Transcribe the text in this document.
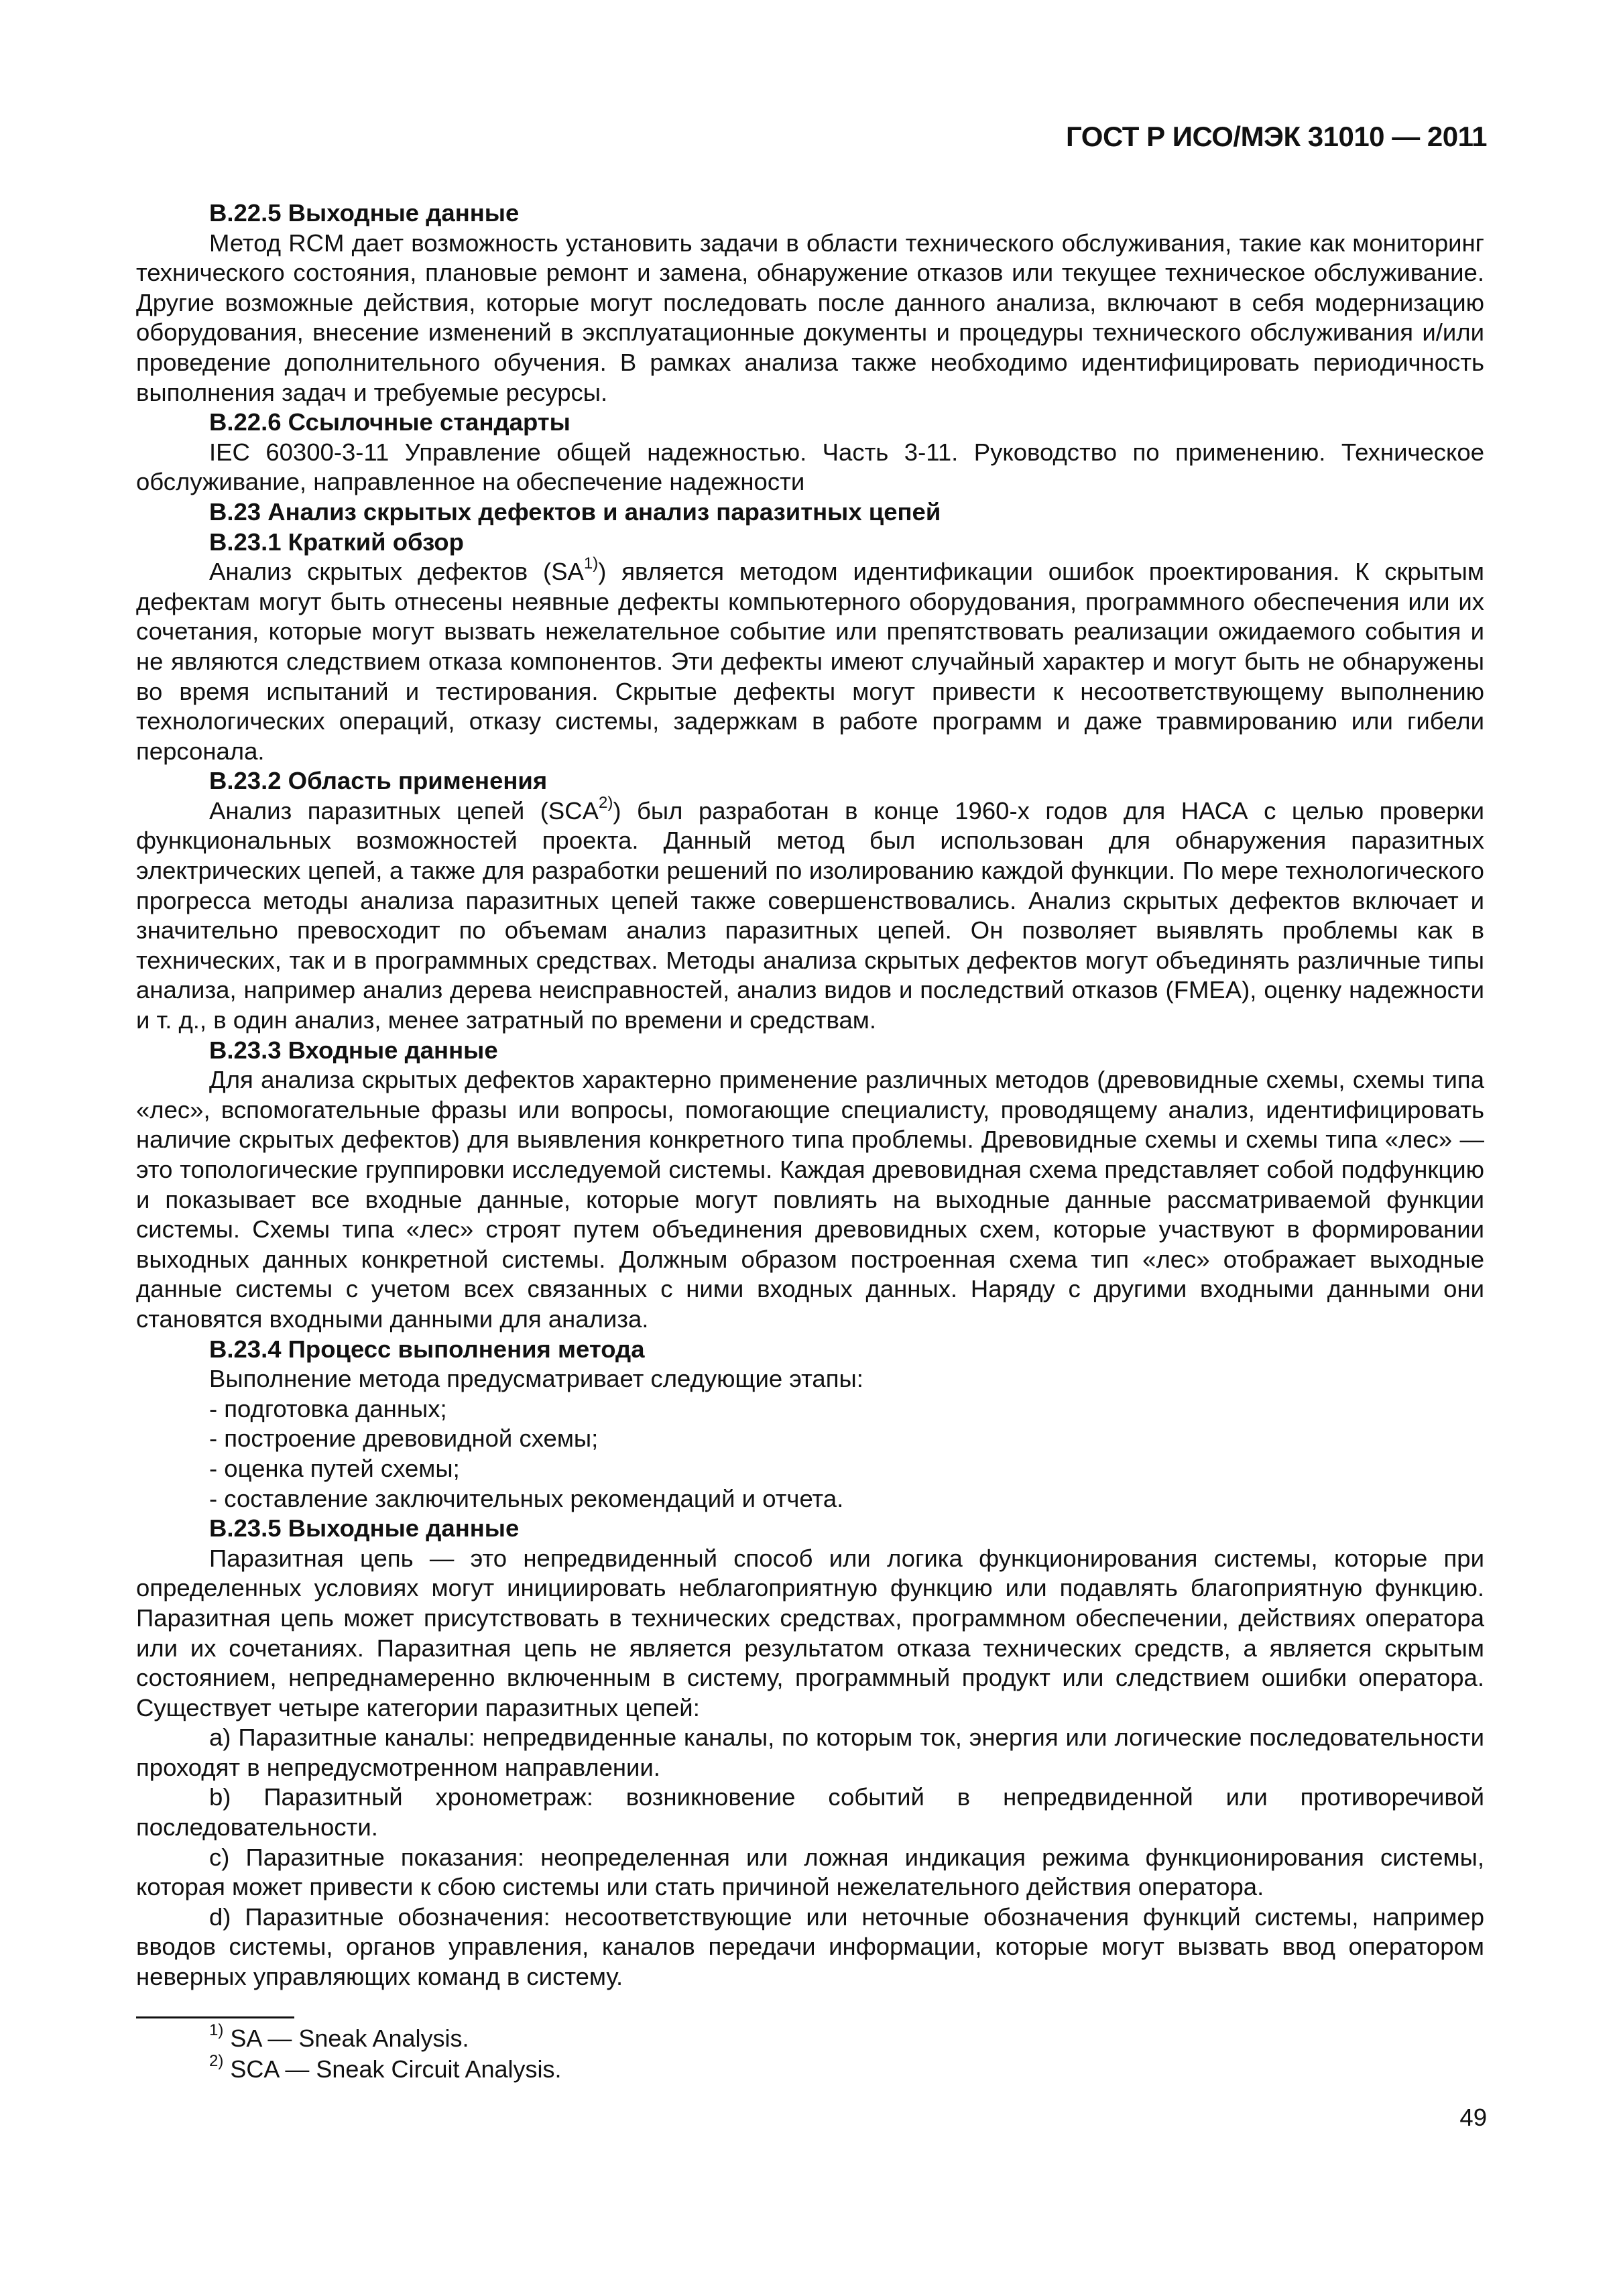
ГОСТ Р ИСО/МЭК 31010 — 2011
B.22.5 Выходные данные

Метод RCM дает возможность установить задачи в области технического обслуживания, такие как мониторинг технического состояния, плановые ремонт и замена, обнаружение отказов или текущее техническое обслуживание. Другие возможные действия, которые могут последовать после данного анализа, включают в себя модернизацию оборудования, внесение изменений в эксплуатационные документы и процедуры технического обслуживания и/или проведение дополнительного обучения. В рамках анализа также необходимо идентифицировать периодичность выполнения задач и требуемые ресурсы.

B.22.6 Ссылочные стандарты

IEC 60300-3-11 Управление общей надежностью. Часть 3-11. Руководство по применению. Техническое обслуживание, направленное на обеспечение надежности

B.23 Анализ скрытых дефектов и анализ паразитных цепей
B.23.1 Краткий обзор

Анализ скрытых дефектов (SA$^{1)}$) является методом идентификации ошибок проектирования. К скрытым дефектам могут быть отнесены неявные дефекты компьютерного оборудования, программного обеспечения или их сочетания, которые могут вызвать нежелательное событие или препятствовать реализации ожидаемого события и не являются следствием отказа компонентов. Эти дефекты имеют случайный характер и могут быть не обнаружены во время испытаний и тестирования. Скрытые дефекты могут привести к несоответствующему выполнению технологических операций, отказу системы, задержкам в работе программ и даже травмированию или гибели персонала.

B.23.2 Область применения

Анализ паразитных цепей (SCA$^{2)}$) был разработан в конце 1960-х годов для НАСА с целью проверки функциональных возможностей проекта. Данный метод был использован для обнаружения паразитных электрических цепей, а также для разработки решений по изолированию каждой функции. По мере технологического прогресса методы анализа паразитных цепей также совершенствовались. Анализ скрытых дефектов включает и значительно превосходит по объемам анализ паразитных цепей. Он позволяет выявлять проблемы как в технических, так и в программных средствах. Методы анализа скрытых дефектов могут объединять различные типы анализа, например анализ дерева неисправностей, анализ видов и последствий отказов (FMEA), оценку надежности и т. д., в один анализ, менее затратный по времени и средствам.

B.23.3 Входные данные

Для анализа скрытых дефектов характерно применение различных методов (древовидные схемы, схемы типа «лес», вспомогательные фразы или вопросы, помогающие специалисту, проводящему анализ, идентифицировать наличие скрытых дефектов) для выявления конкретного типа проблемы. Древовидные схемы и схемы типа «лес» — это топологические группировки исследуемой системы. Каждая древовидная схема представляет собой подфункцию и показывает все входные данные, которые могут повлиять на выходные данные рассматриваемой функции системы. Схемы типа «лес» строят путем объединения древовидных схем, которые участвуют в формировании выходных данных конкретной системы. Должным образом построенная схема тип «лес» отображает выходные данные системы с учетом всех связанных с ними входных данных. Наряду с другими входными данными они становятся входными данными для анализа.

B.23.4 Процесс выполнения метода

Выполнение метода предусматривает следующие этапы:

- подготовка данных;

- построение древовидной схемы;

- оценка путей схемы;

- составление заключительных рекомендаций и отчета.

B.23.5 Выходные данные

Паразитная цепь — это непредвиденный способ или логика функционирования системы, которые при определенных условиях могут инициировать неблагоприятную функцию или подавлять благоприятную функцию. Паразитная цепь может присутствовать в технических средствах, программном обеспечении, действиях оператора или их сочетаниях. Паразитная цепь не является результатом отказа технических средств, а является скрытым состоянием, непреднамеренно включенным в систему, программный продукт или следствием ошибки оператора. Существует четыре категории паразитных цепей:

a) Паразитные каналы: непредвиденные каналы, по которым ток, энергия или логические последовательности проходят в непредусмотренном направлении.

b) Паразитный хронометраж: возникновение событий в непредвиденной или противоречивой последовательности.

c) Паразитные показания: неопределенная или ложная индикация режима функционирования системы, которая может привести к сбою системы или стать причиной нежелательного действия оператора.

d) Паразитные обозначения: несоответствующие или неточные обозначения функций системы, например вводов системы, органов управления, каналов передачи информации, которые могут вызвать ввод оператором неверных управляющих команд в систему.

$^{1)}$ SA — Sneak Analysis.
$^{2)}$ SCA — Sneak Circuit Analysis.
49
